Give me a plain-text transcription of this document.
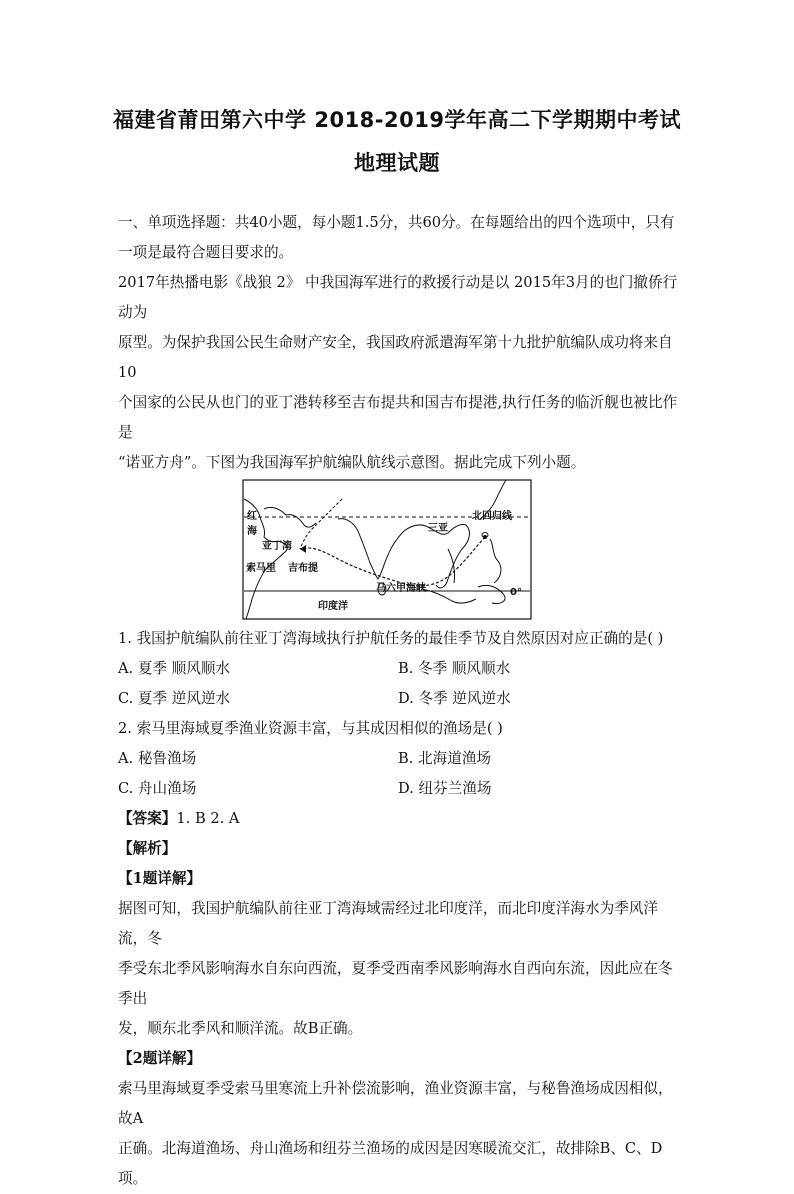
福建省莆田第六中学 2018-2019学年高二下学期期中考试
地理试题

一、单项选择题：共40小题，每小题1.5分，共60分。在每题给出的四个选项中，只有

一项是最符合题目要求的。

2017年热播电影《战狼 2》 中我国海军进行的救援行动是以 2015年3月的也门撤侨行动为

原型。为保护我国公民生命财产安全，我国政府派遣海军第十九批护航编队成功将来自10

个国家的公民从也门的亚丁港转移至吉布提共和国吉布提港,执行任务的临沂舰也被比作是

“诺亚方舟”。下图为我国海军护航编队航线示意图。据此完成下列小题。

红
海
亚丁湾
索马里 吉布提
三亚
北回归线
马六甲海峡	0°
印度洋

1. 我国护航编队前往亚丁湾海域执行护航任务的最佳季节及自然原因对应正确的是( )

A. 夏季 顺风顺水	B. 冬季 顺风顺水
C. 夏季 逆风逆水	D. 冬季 逆风逆水

2. 索马里海域夏季渔业资源丰富，与其成因相似的渔场是( )

A. 秘鲁渔场	B. 北海道渔场
C. 舟山渔场	D. 纽芬兰渔场

【答案】1. B 2. A

【解析】

【1题详解】

据图可知，我国护航编队前往亚丁湾海域需经过北印度洋，而北印度洋海水为季风洋流，冬

季受东北季风影响海水自东向西流，夏季受西南季风影响海水自西向东流，因此应在冬季出

发，顺东北季风和顺洋流。故B正确。

【2题详解】

索马里海域夏季受索马里寒流上升补偿流影响，渔业资源丰富，与秘鲁渔场成因相似，故A

正确。北海道渔场、舟山渔场和纽芬兰渔场的成因是因寒暖流交汇，故排除B、C、D项。
